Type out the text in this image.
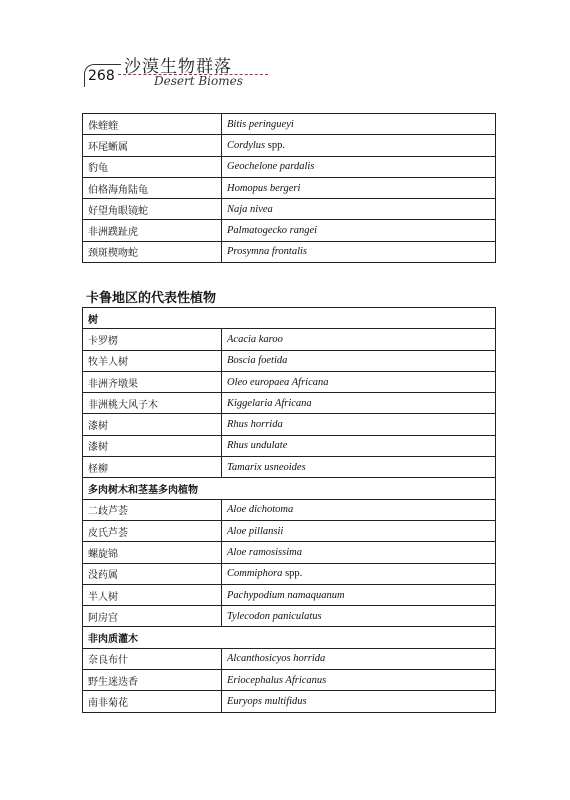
268 沙漠生物群落
Desert Biomes
侏蝰蝰	Bitis peringueyi
环尾蜥属	Cordylus spp.
豹龟	Geochelone pardalis
伯格海角陆龟	Homopus bergeri
好望角眼镜蛇	Naja nivea
非洲蹼趾虎	Palmatogecko rangei
颈斑楔吻蛇	Prosymna frontalis
卡鲁地区的代表性植物
树	
卡罗楞	Acacia karoo
牧羊人树	Boscia foetida
非洲齐墩果	Oleo europaea Africana
非洲桃大风子木	Kiggelaria Africana
漆树	Rhus horrida
漆树	Rhus undulate
柽柳	Tamarix usneoides
多肉树木和茎基多肉植物	
二歧芦荟	Aloe dichotoma
皮氏芦荟	Aloe pillansii
螺旋锦	Aloe ramosissima
没药属	Commiphora spp.
半人树	Pachypodium namaquanum
阿房宫	Tylecodon paniculatus
非肉质灌木	
奈良布什	Alcanthosicyos horrida
野生迷迭香	Eriocephalus Africanus
南非菊花	Euryops multifidus
